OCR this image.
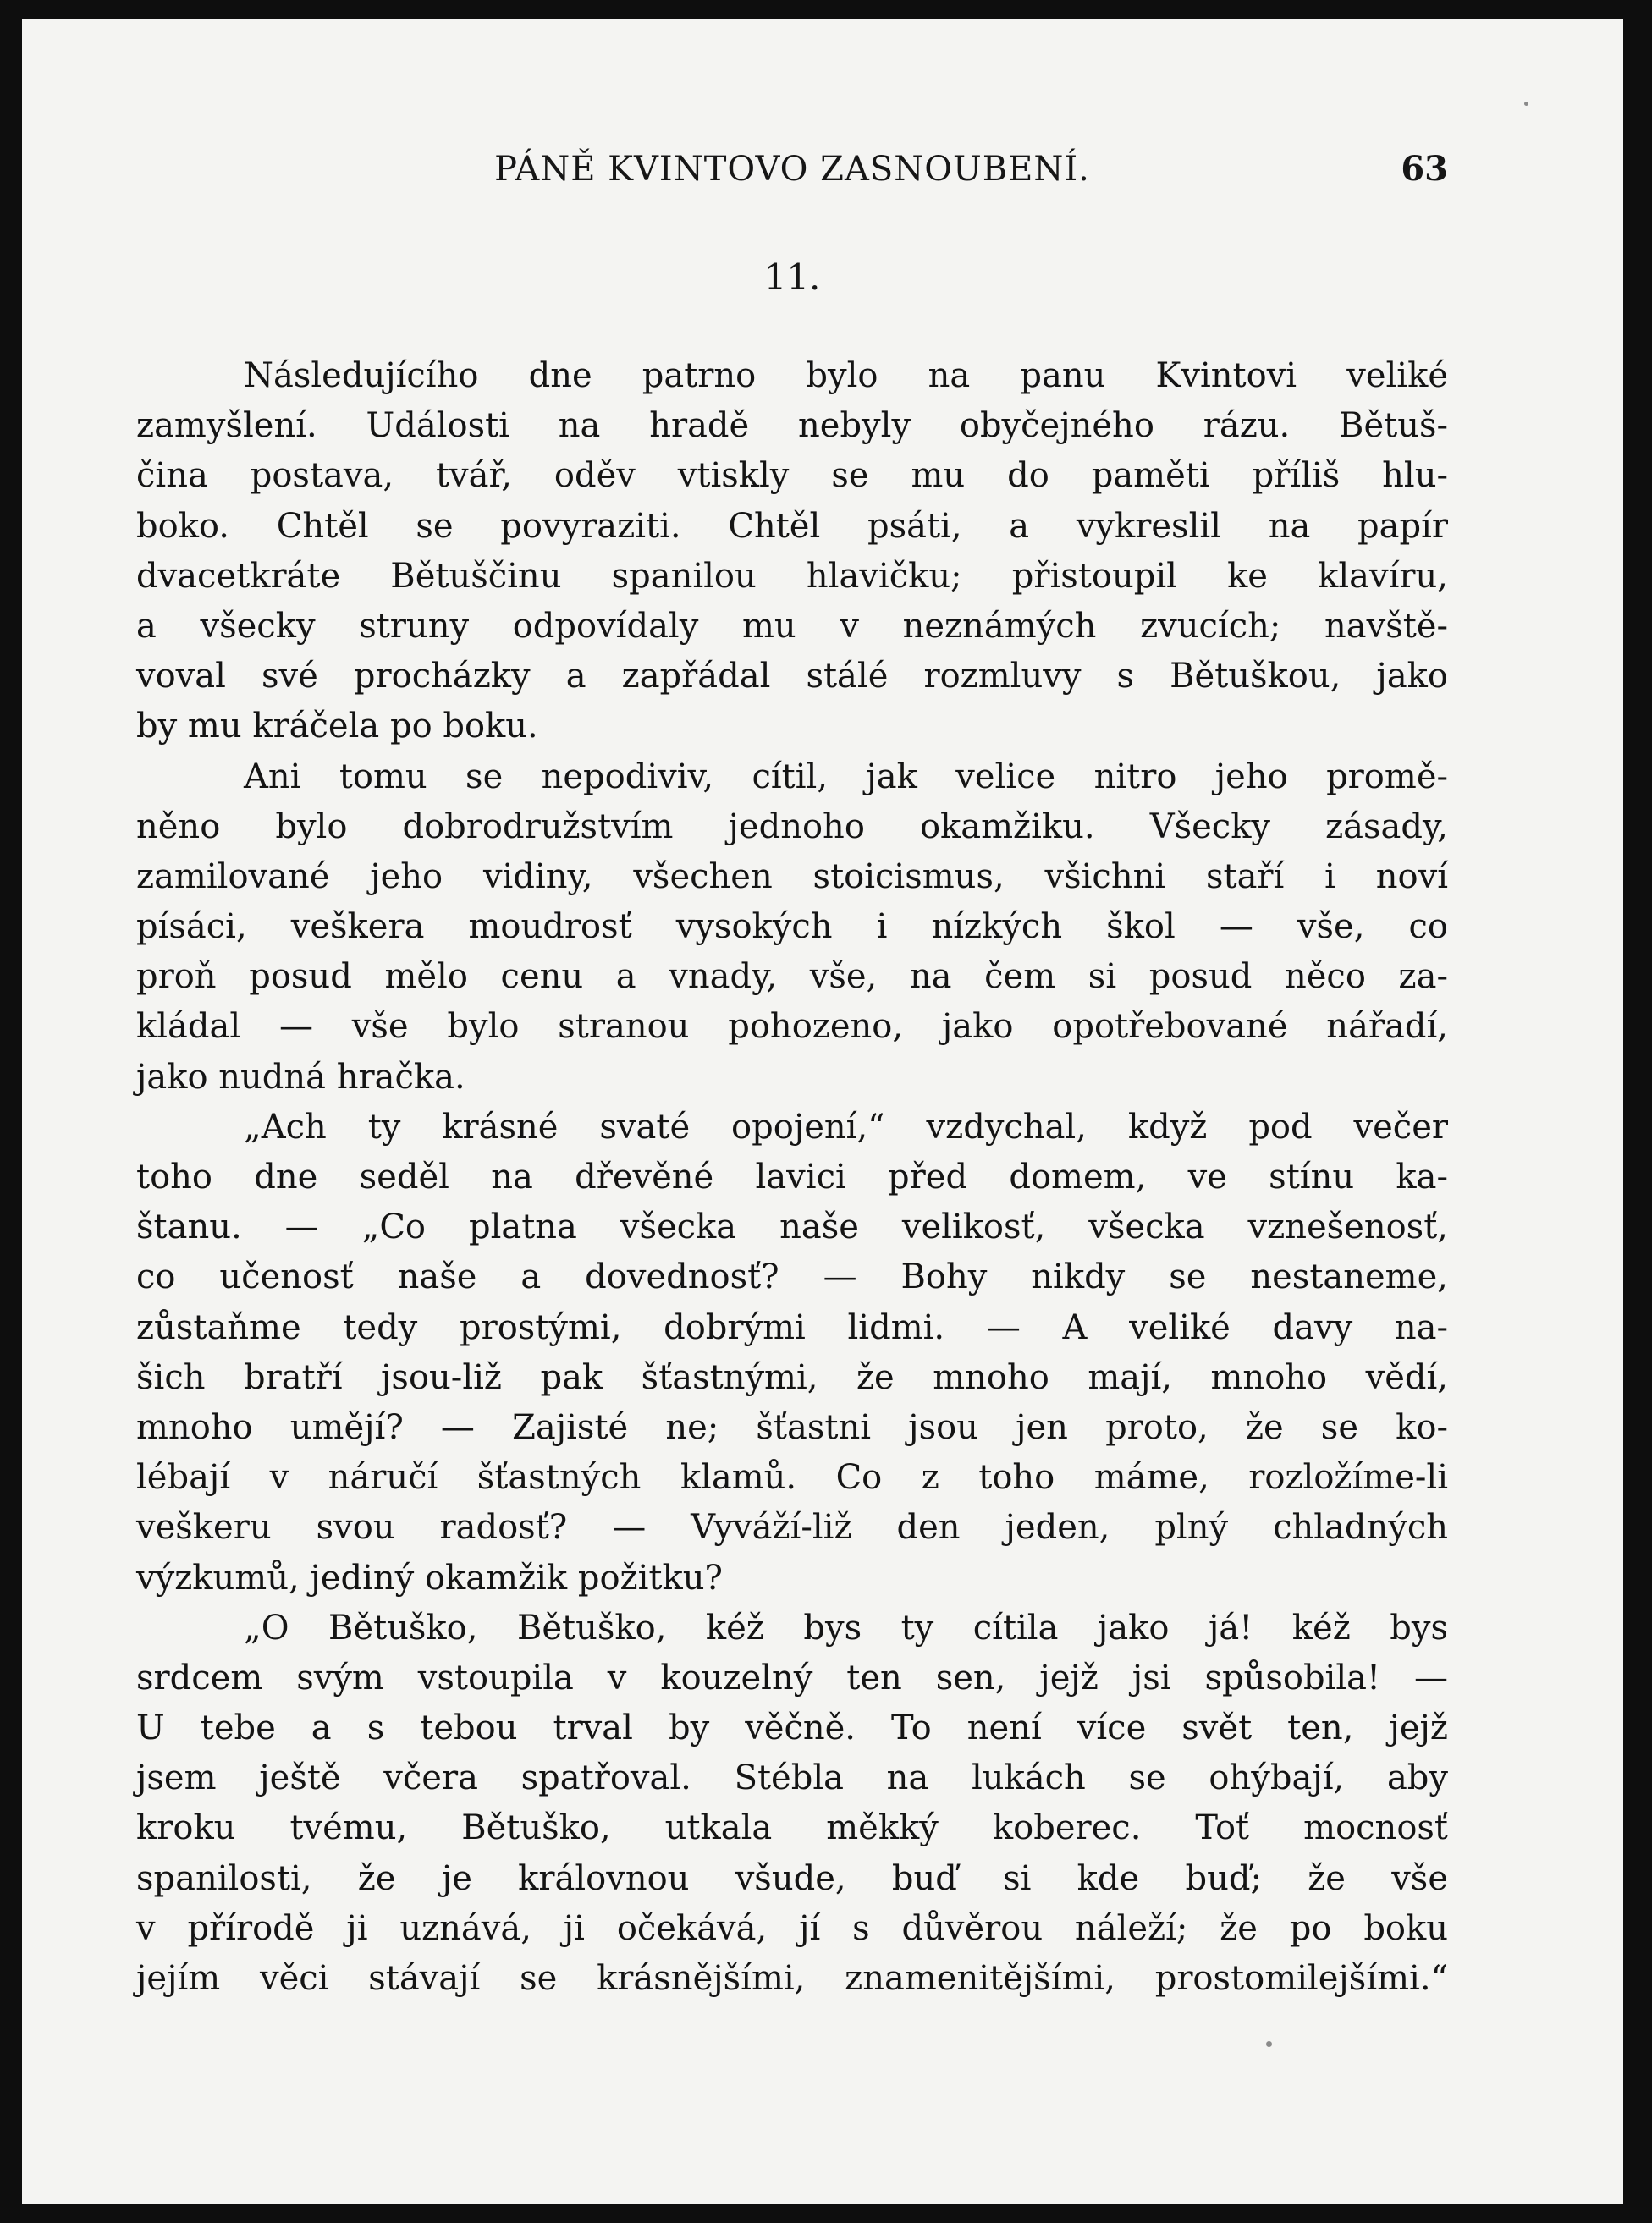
PÁNĚ KVINTOVO ZASNOUBENÍ.	63
11.
Následujícího dne patrno bylo na panu Kvintovi veliké
zamyšlení. Události na hradě nebyly obyčejného rázu. Bětuš-
čina postava, tvář, oděv vtiskly se mu do paměti příliš hlu-
boko. Chtěl se povyraziti. Chtěl psáti, a vykreslil na papír
dvacetkráte Bětuščinu spanilou hlavičku; přistoupil ke klavíru,
a všecky struny odpovídaly mu v neznámých zvucích; navště-
voval své procházky a zapřádal stálé rozmluvy s Bětuškou, jako
by mu kráčela po boku.
Ani tomu se nepodiviv, cítil, jak velice nitro jeho promě-
něno bylo dobrodružstvím jednoho okamžiku. Všecky zásady,
zamilované jeho vidiny, všechen stoicismus, všichni staří i noví
písáci, veškera moudrosť vysokých i nízkých škol — vše, co
proň posud mělo cenu a vnady, vše, na čem si posud něco za-
kládal — vše bylo stranou pohozeno, jako opotřebované nářadí,
jako nudná hračka.
„Ach ty krásné svaté opojení,“ vzdychal, když pod večer
toho dne seděl na dřevěné lavici před domem, ve stínu ka-
štanu. — „Co platna všecka naše velikosť, všecka vznešenosť,
co učenosť naše a dovednosť? — Bohy nikdy se nestaneme,
zůstaňme tedy prostými, dobrými lidmi. — A veliké davy na-
šich bratří jsou-liž pak šťastnými, že mnoho mají, mnoho vědí,
mnoho umějí? — Zajisté ne; šťastni jsou jen proto, že se ko-
lébají v náručí šťastných klamů. Co z toho máme, rozložíme-li
veškeru svou radosť? — Vyváží-liž den jeden, plný chladných
výzkumů, jediný okamžik požitku?
„O Bětuško, Bětuško, kéž bys ty cítila jako já! kéž bys
srdcem svým vstoupila v kouzelný ten sen, jejž jsi spůsobila! —
U tebe a s tebou trval by věčně. To není více svět ten, jejž
jsem ještě včera spatřoval. Stébla na lukách se ohýbají, aby
kroku tvému, Bětuško, utkala měkký koberec. Toť mocnosť
spanilosti, že je královnou všude, buď si kde buď; že vše
v přírodě ji uznává, ji očekává, jí s důvěrou náleží; že po boku
jejím věci stávají se krásnějšími, znamenitějšími, prostomilejšími.“
